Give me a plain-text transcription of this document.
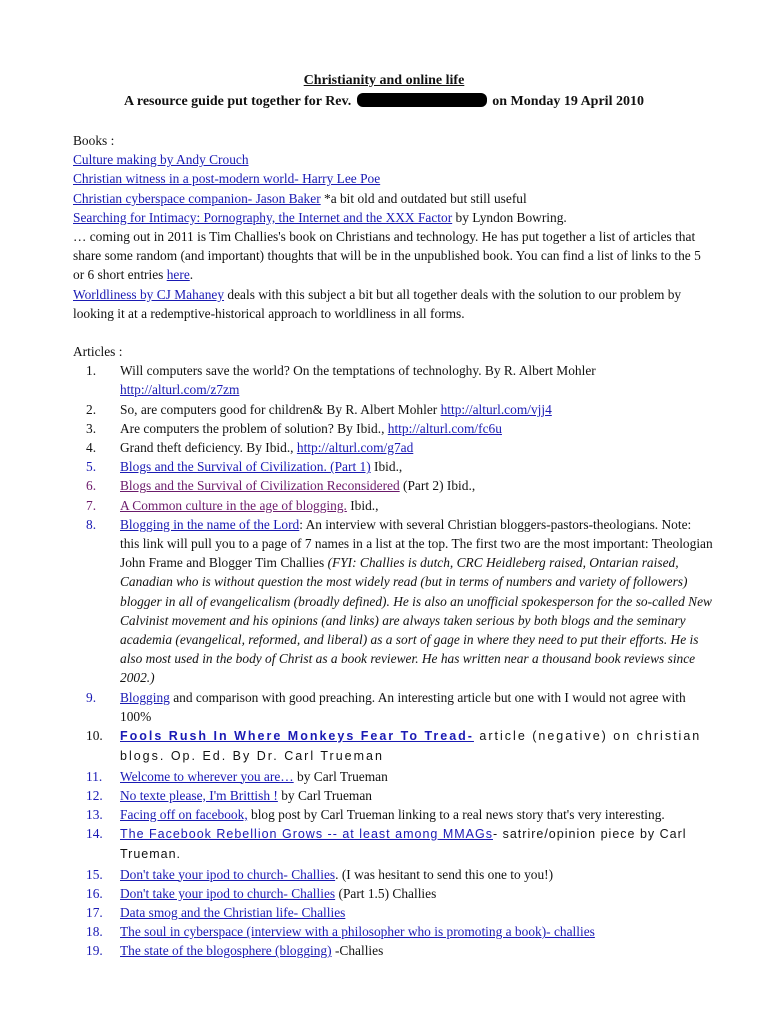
Christianity and online life
A resource guide put together for Rev.	on Monday 19 April 2010

Books :

Culture making by Andy Crouch

Christian witness in a post-modern world- Harry Lee Poe

Christian cyberspace companion- Jason Baker *a bit old and outdated but still useful

Searching for Intimacy: Pornography, the Internet and the XXX Factor by Lyndon Bowring.

… coming out in 2011 is Tim Challies's book on Christians and technology. He has put together a list of articles that share some random (and important) thoughts that will be in the unpublished book. You can find a list of links to the 5 or 6 short entries here.

Worldliness by CJ Mahaney deals with this subject a bit but all together deals with the solution to our problem by looking it at a redemptive-historical approach to worldliness in all forms.

Articles :

1.	Will computers save the world? On the temptations of technologhy. By R. Albert Mohler http://alturl.com/z7zm
2.	So, are computers good for children& By R. Albert Mohler http://alturl.com/vjj4
3.	Are computers the problem of solution? By Ibid., http://alturl.com/fc6u
4.	Grand theft deficiency. By Ibid., http://alturl.com/g7ad
5.	Blogs and the Survival of Civilization. (Part 1) Ibid.,
6.	Blogs and the Survival of Civilization Reconsidered (Part 2) Ibid.,
7.	A Common culture in the age of blogging. Ibid.,
8.	Blogging in the name of the Lord: An interview with several Christian bloggers-pastors-theologians. Note: this link will pull you to a page of 7 names in a list at the top. The first two are the most important: Theologian John Frame and Blogger Tim Challies (FYI: Challies is dutch, CRC Heidleberg raised, Ontarian raised, Canadian who is without question the most widely read (but in terms of numbers and variety of followers) blogger in all of evangelicalism (broadly defined). He is also an unofficial spokesperson for the so-called New Calvinist movement and his opinions (and links) are always taken serious by both blogs and the seminary academia (evangelical, reformed, and liberal) as a sort of gage in where they need to put their efforts. He is also most used in the body of Christ as a book reviewer. He has written near a thousand book reviews since 2002.)
9.	Blogging and comparison with good preaching. An interesting article but one with I would not agree with 100%
10.	Fools Rush In Where Monkeys Fear To Tread- article (negative) on christian blogs. Op. Ed. By Dr. Carl Trueman
11.	Welcome to wherever you are… by Carl Trueman
12.	No texte please, I'm Brittish ! by Carl Trueman
13.	Facing off on facebook, blog post by Carl Trueman linking to a real news story that's very interesting.
14.	The Facebook Rebellion Grows -- at least among MMAGs- satrire/opinion piece by Carl Trueman.
15.	Don't take your ipod to church- Challies. (I was hesitant to send this one to you!)
16.	Don't take your ipod to church- Challies (Part 1.5) Challies
17.	Data smog and the Christian life- Challies
18.	The soul in cyberspace (interview with a philosopher who is promoting a book)- challies
19.	The state of the blogosphere (blogging) -Challies
